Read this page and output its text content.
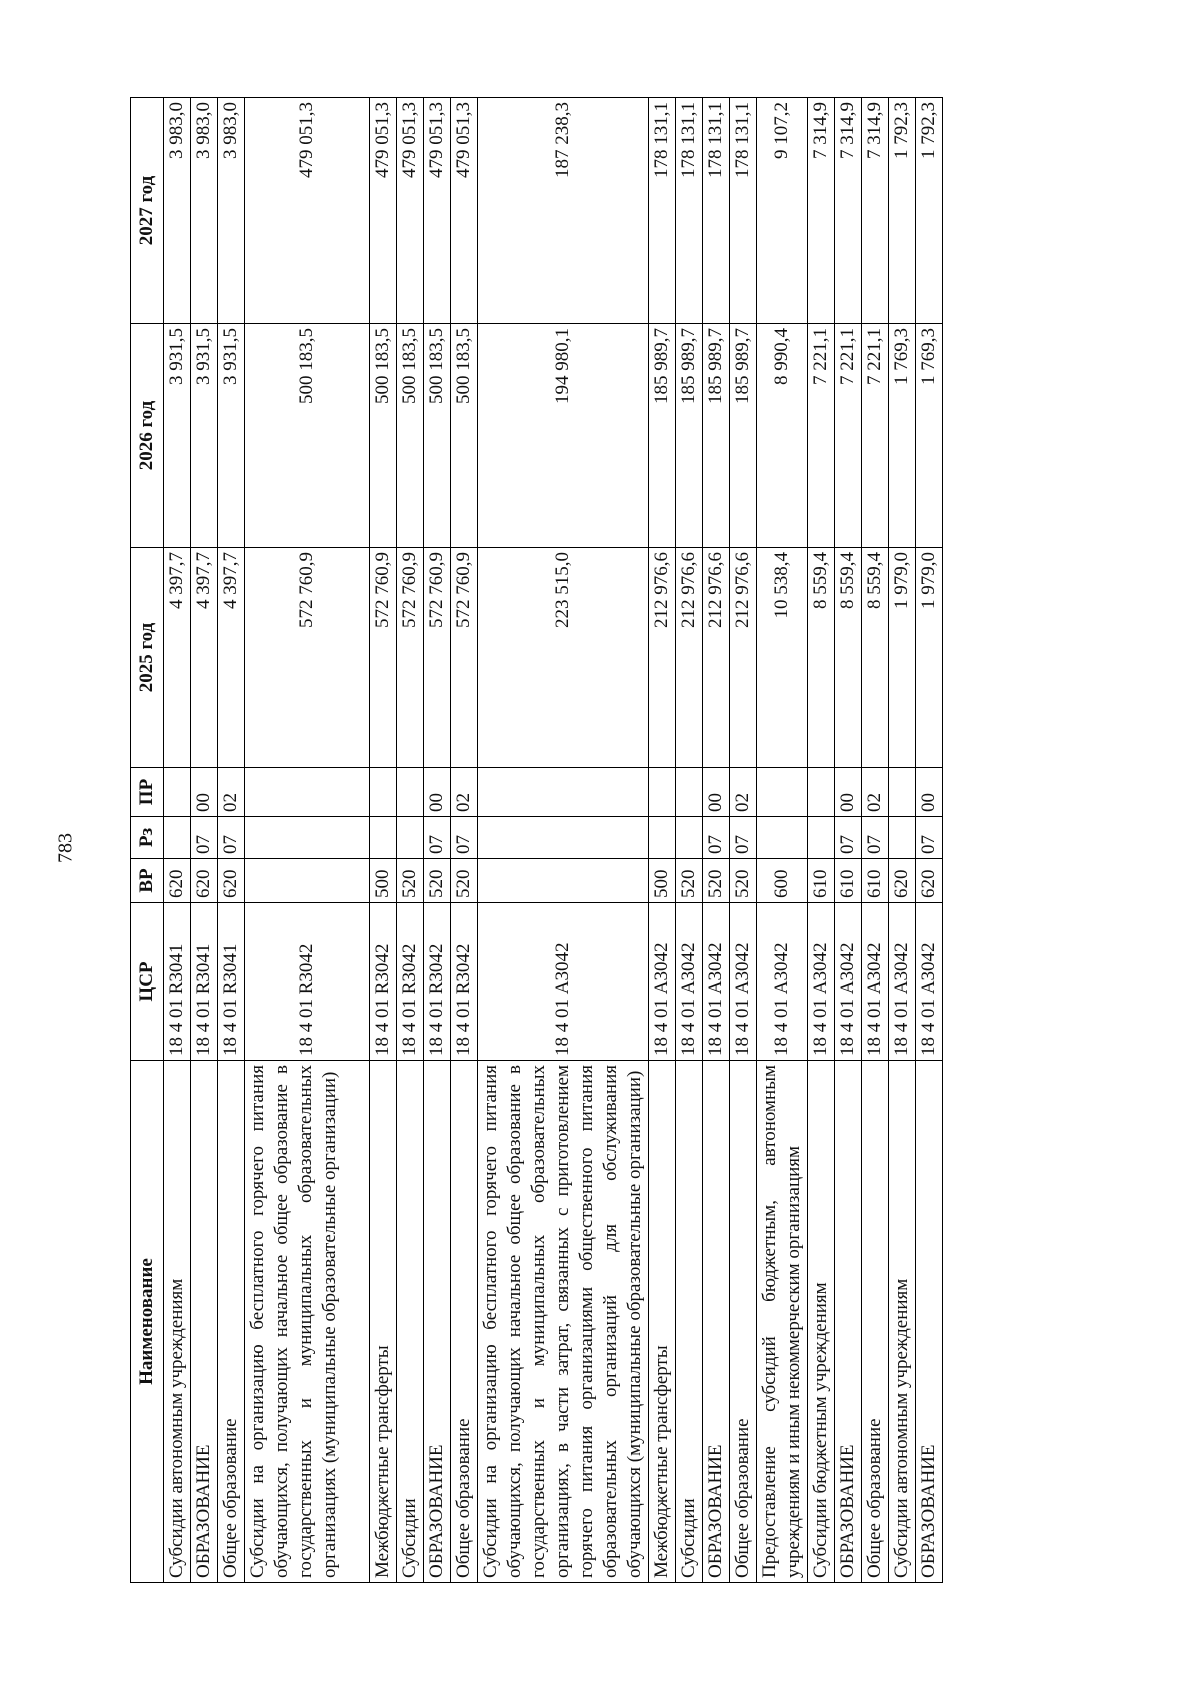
783
Наименование	ЦСР	ВР	Рз	ПР	2025 год	2026 год	2027 год
Субсидии автономным учреждениям	18 4 01 R3041	620			4 397,7	3 931,5	3 983,0
ОБРАЗОВАНИЕ	18 4 01 R3041	620	07	00	4 397,7	3 931,5	3 983,0
Общее образование	18 4 01 R3041	620	07	02	4 397,7	3 931,5	3 983,0
Субсидии на организацию бесплатного горячего питания обучающихся, получающих начальное общее образование в государственных и муниципальных образовательных организациях (муниципальные образовательные организации)	18 4 01 R3042				572 760,9	500 183,5	479 051,3
Межбюджетные трансферты	18 4 01 R3042	500			572 760,9	500 183,5	479 051,3
Субсидии	18 4 01 R3042	520			572 760,9	500 183,5	479 051,3
ОБРАЗОВАНИЕ	18 4 01 R3042	520	07	00	572 760,9	500 183,5	479 051,3
Общее образование	18 4 01 R3042	520	07	02	572 760,9	500 183,5	479 051,3
Субсидии на организацию бесплатного горячего питания обучающихся, получающих начальное общее образование в государственных и муниципальных образовательных организациях, в части затрат, связанных с приготовлением горячего питания организациями общественного питания образовательных организаций для обслуживания обучающихся (муниципальные образовательные организации)	18 4 01 А3042				223 515,0	194 980,1	187 238,3
Межбюджетные трансферты	18 4 01 А3042	500			212 976,6	185 989,7	178 131,1
Субсидии	18 4 01 А3042	520			212 976,6	185 989,7	178 131,1
ОБРАЗОВАНИЕ	18 4 01 А3042	520	07	00	212 976,6	185 989,7	178 131,1
Общее образование	18 4 01 А3042	520	07	02	212 976,6	185 989,7	178 131,1
Предоставление субсидий бюджетным, автономным учреждениям и иным некоммерческим организациям	18 4 01 А3042	600			10 538,4	8 990,4	9 107,2
Субсидии бюджетным учреждениям	18 4 01 А3042	610			8 559,4	7 221,1	7 314,9
ОБРАЗОВАНИЕ	18 4 01 А3042	610	07	00	8 559,4	7 221,1	7 314,9
Общее образование	18 4 01 А3042	610	07	02	8 559,4	7 221,1	7 314,9
Субсидии автономным учреждениям	18 4 01 А3042	620			1 979,0	1 769,3	1 792,3
ОБРАЗОВАНИЕ	18 4 01 А3042	620	07	00	1 979,0	1 769,3	1 792,3
